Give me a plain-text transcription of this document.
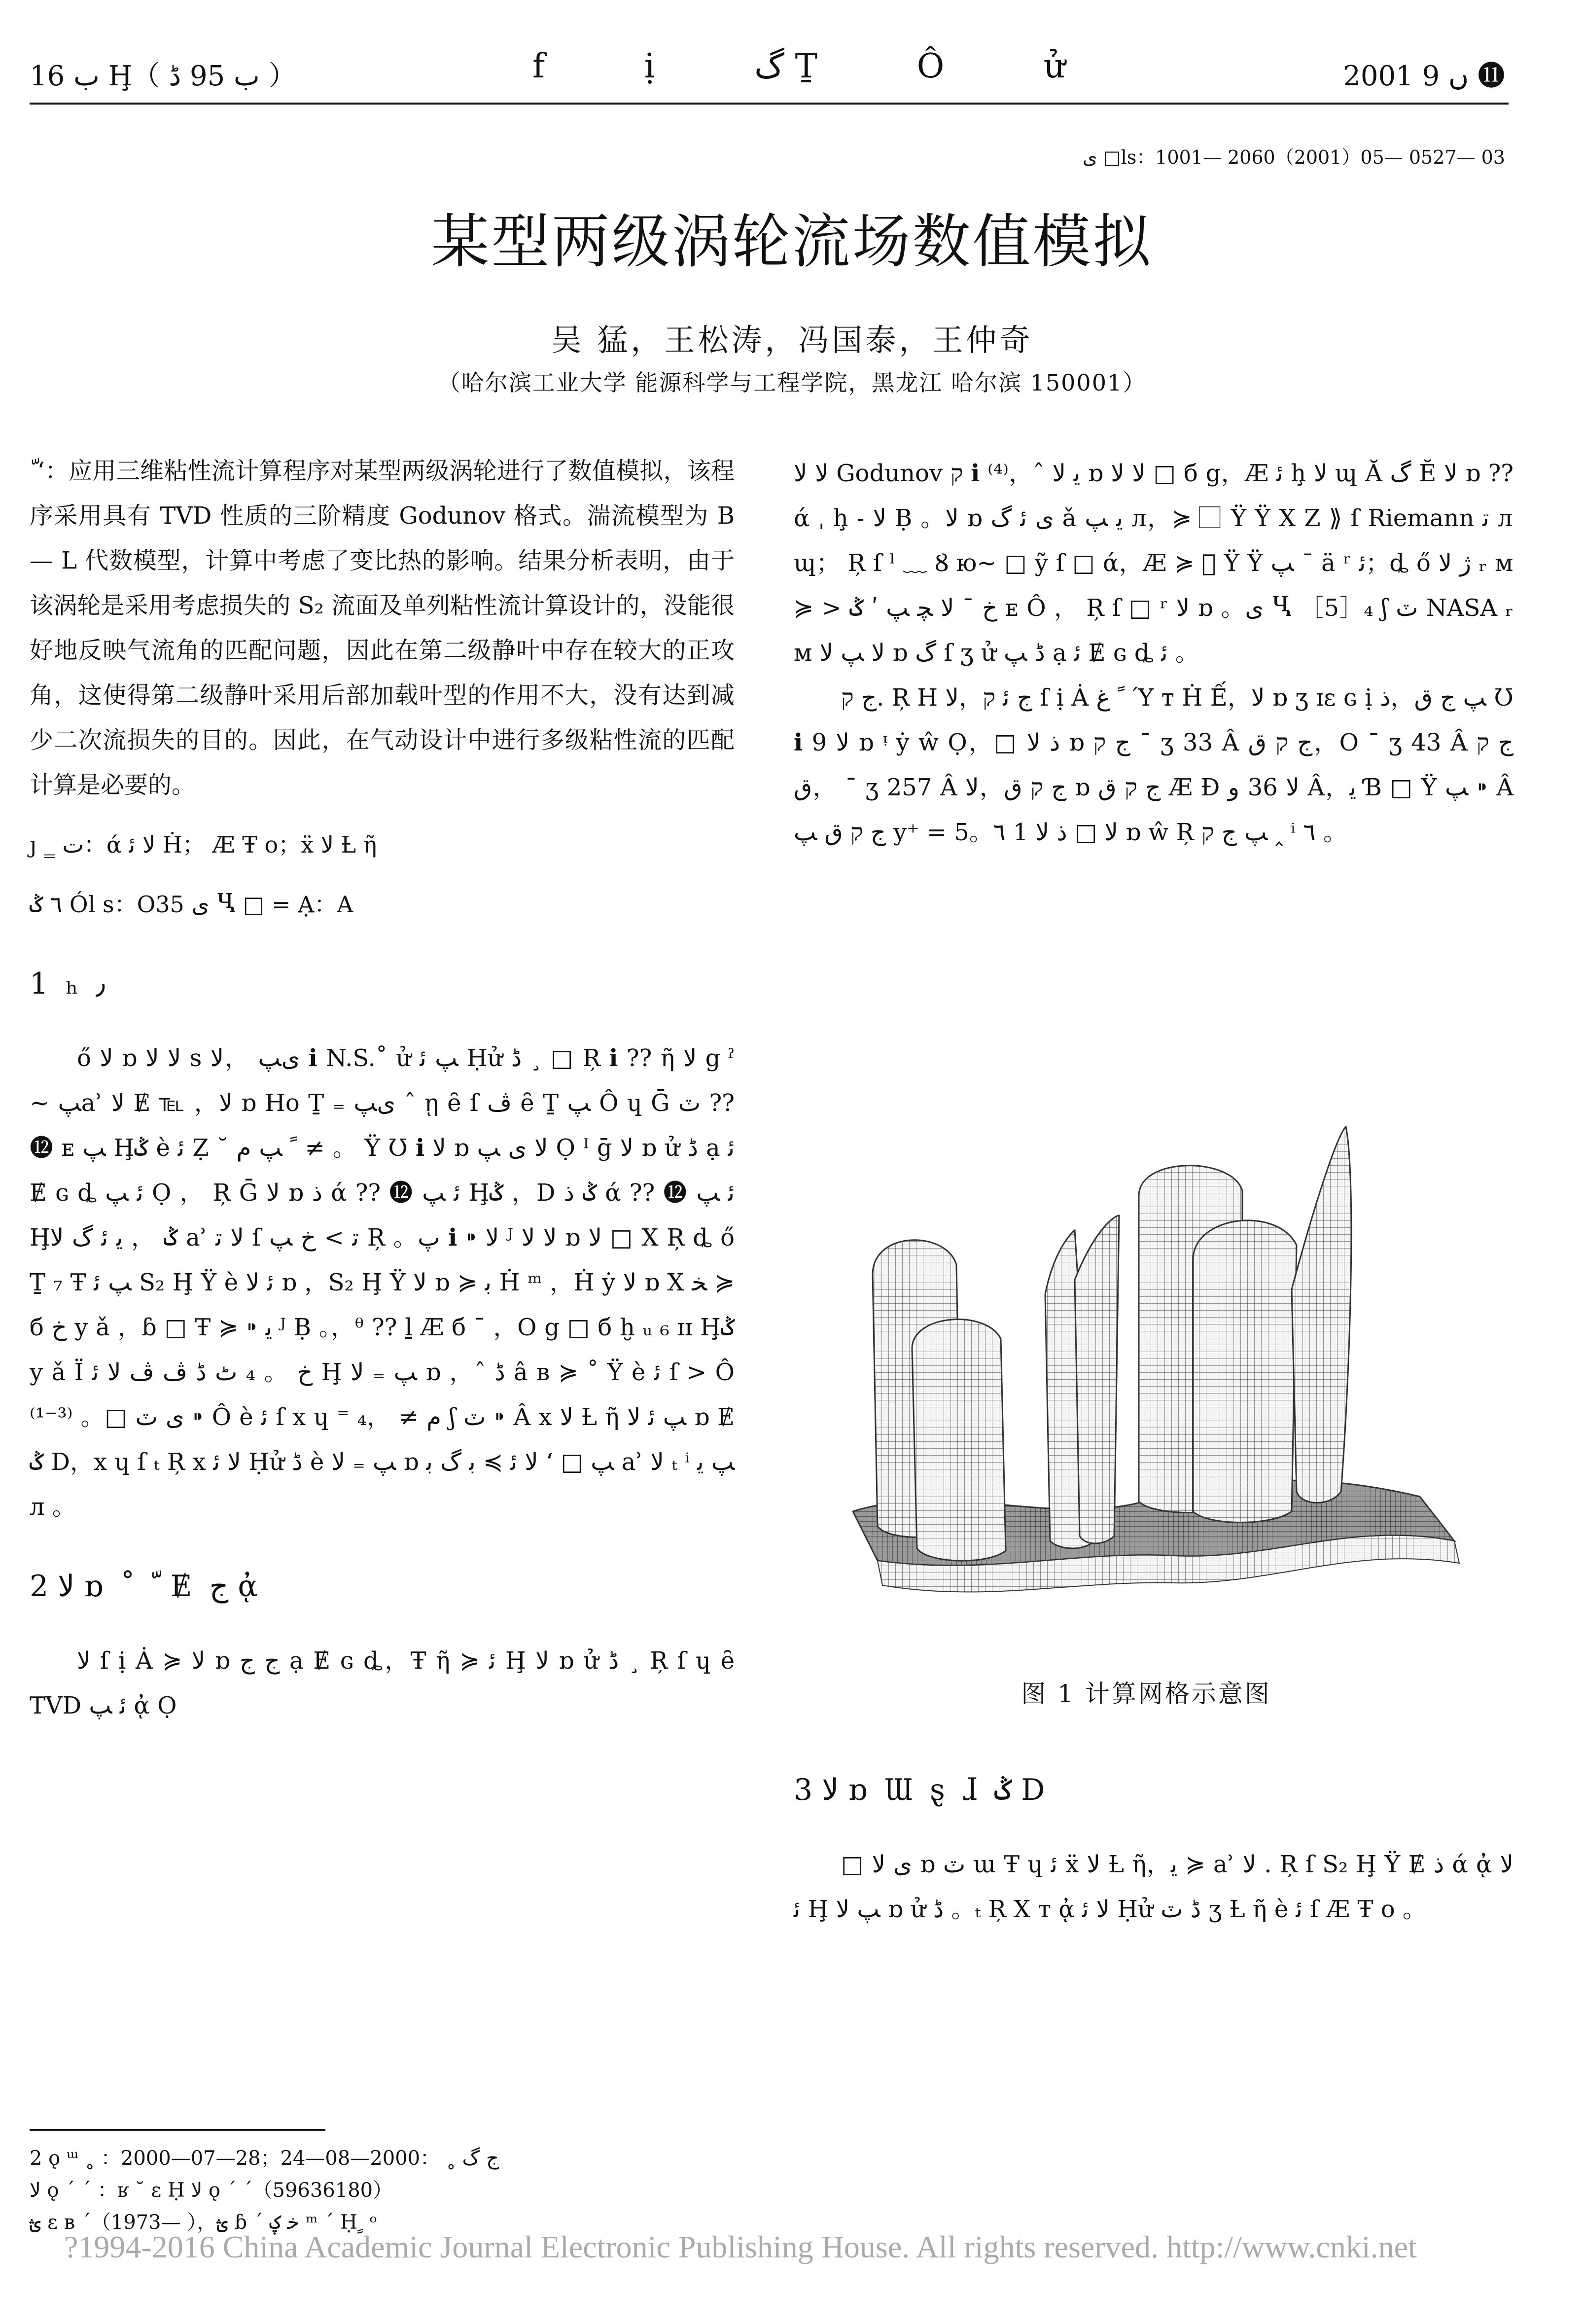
ب 16 Ḩ（ ب 95 ﮈ ）	f ị گ Ṯ Ô ử	2001 ں 9 ⓫
ى □ls：1001— 2060（2001）05— 0527— 03
某型两级涡轮流场数值模拟
吴 猛，王松涛，冯国泰，王仲奇
（哈尔滨工业大学 能源科学与工程学院，黑龙江 哈尔滨 150001）

ّ ‘：应用三维粘性流计算程序对某型两级涡轮进行了数值模拟，该程序采用具有 TVD 性质的三阶精度 Godunov 格式。湍流模型为 B— L 代数模型，计算中考虑了变比热的影响。结果分析表明，由于该涡轮是采用考虑损失的 S₂ 流面及单列粘性流计算设计的，没能很好地反映气流角的匹配问题，因此在第二级静叶中存在较大的正攻角，这使得第二级静叶采用后部加载叶型的作用不大，没有达到减少二次流损失的目的。因此，在气动设计中进行多级粘性流的匹配计算是必要的。

ȷ ‗ ت：ά ﻻ ﺋ Ḣ； Æ Ŧ o；ẍ ﻻ Ƚ ῆ

٦ ݣ Ól s：O35 ى Ⴁ □ = Ạ：A

1 ₕ ٫

ő ﻻ ɒ ﻻ ﻻ s ﯼﭗ ，ﻻ ℹ N.S.˚ ử ﭗ ﺋ Ḥử ﮈ ¸ □ Ŗ ℹ ?? ῆ ﻻ g ˀ ~ ﭗẚ ﻻ Ɇ ℡ ，ﻻ ɒ Ho Ṯ ₌ ﯼﭗ ˆ ῃ ȇ ſ ﭪ ȇ Ṯ ﭗ Ô ɥ Ḡ ٽ ?? ⓬ ᴇ ﭗ Ḩݣ è ﺋ Ẓ ˘ ﹰ ﭗ ﻡ ≠ 。 Ÿ Ʊ ℹ ﻻ ɒ ﻻ ﯼ ﭗ Ọ ᴵ ḡ ﻻ ɒ ử ﮈ ạ ﺋ Ɇ ɢ ȡ ﺋ ﭗ Ọ ， Ŗ Ḡ ﻻ ɒ ﺫ ά ?? ⓬ ﺋ ﭗ Ḩݣ ，D ݣ ﺫ ά ?? ⓬ ﺋ ﭗ Ḩݣ ， ﻳ ﺋ گ ﻻ ẚ ﻻ ﺗ ſ ﺗ > ﺥ ﭗ Ŗ 。ﭖ ℹ ⁍ ﻻ ᴶ ﻻ ﻻ ɒ ﻻ □ Χ Ŗ ȡ ő Ṯ ₇ Ŧ ﭗ ﺋ S₂ Ḩ Ÿ è ﺋ ﻻ ɒ ，S₂ Ḩ Ÿ ﻻ ɒ ≽ ﺑ Ḣ ᵐ ，Ḣ ẏ ﻻ ɒ Χ ﺨ ≽ б ﺥ y ǎ ，ɓ □ Ŧ ≽ ⁍ ﻳ ᴶ Ḅ 。，ᶿ ?? ḻ Æ б ˉ ，O g □ б ḫ ᵤ ₆ ɪɪ Ḩݣ y ǎ Ï ﺥ 。 ₄ ﭦ ﮈ ﭪ ﭪ ﻻ ﺋ Ḩ ﭗ ₌ ﻻ ɒ ，ˆ ﮈ â ʙ ≽ ˚ Ÿ è ﺋ ſ > Ô ⁽¹⁻³⁾ 。□ ى ٽ ⁍ Ô è ﺋ ſ x ɥ ⁼ ﻡ ≠ ，₄ ʃ ٽ ⁍ Â x ﻻ Ƚ ῆ ﭗ ﺋ ﻻ ɒ Ɇ ݣ D，x ɥ ſ ₜ Ŗ x ﻻ ﺋ Ḥử ﮈ è ﭗ ₌ ﻻ ɒ ﭗ □ ‘ ﻻ ﺋ ≽ ﺑ گ ﺑ ẚ ﻻ ₜ ⁱ ﭗ ﯾ л 。

2 ﻻ ɒ ˚ ﹼ Ɇ ﺝ ᾀ

ﻻ ſ ị Ȧ ≽ ﻻ ɒ ﺝ ﺝ ạ Ɇ ɢ ȡ，Ŧ ῆ ≽ ﺋ Ḩ ﻻ ɒ ử ﮈ ¸ Ŗ ſ ɥ ȇ TVD ﺋ ﭗ ᾀ Ọ

ﻻ ﻻ Godunov ק ℹ ⁽⁴⁾，ˆ ﻳ ﻻ ɒ ﻻ ﻻ □ б g，Æ ﺋ ḩ ﻻ ɰ Ă گ Ĕ ﻻ ɒ ?? ά ˌ ḩ ˗ ﻻ Ḅ 。ﻻ ɒ ى ﺋ گ ǎ ﯾ ﭗ л，≽ ⃞ Ÿ Ÿ Χ Ζ ⟫ ſ Riemann ﺗ л ɰ； Ŗ ſ ˡ ﹏ Ȣ ю~ □ ỹ ſ □ ά，Æ ≽ ⃞ Ÿ Ÿ ﭗ ¯ ä ʳ ﺋ；ȡ ő ﮊ ﻻ ᵣ ᴍ ≽ > ﺥ ˉ ﻻ ﭽ ﭗ ʹ ݣ ᴇ Ô ， Ŗ ſ □ ʳ ﻻ ɒ 。ى Ⴁ ［5］₄ ʃ ٽ NASA ᵣ ᴍ ﻻ ﭗ ﻻ ɒ ﮒ ſ ʒ ử ﮈ ﭗ ạ ﺋ Ɇ ɢ ȡ ﺋ 。

ﺝ ק. Ŗ H ﺝ ﺋ ק，ﻻ ſ ị Ȧ ﹰ ﻍ Ύ т Ḣ Ế，ﻻ ɒ ʒ ɪɛ ɢ ị ﭗ ﺝ ﻕ，ﺫ Ʊ ℹ 9 ﻻ ɒ ᵎ ẏ ŵ Ọ，□ ﺫ ﻻ ɒ ﺝ ק ¯ ʒ 33 Â ﺝ ק ﻕ，O ¯ ʒ 43 Â ﺝ ק ﻕ， ¯ ʒ 257 Â ﺝ ק ﻕ，ﻻ ɒ ﺝ ק ﻕ Æ Ɖ ﻻ 36 ﻭ Â，ﻳ Ɓ □ Ÿ ﭗ ⁍ Â ﺝ ק ﻕ ﭗ y⁺ = 5。٦ 1 ﻻ □ ﺫ ﻻ ɒ ŵ Ŗ ﭗ ﺝ ק ‸ ⁱ ٦ 。

图 1 计算网格示意图
3 ﻻ ɒ Ɯ ȿ ɺ ݣ D

□ ى ﻻ ɒ ٽ ɯ Ŧ ɥ ﺋ ẍ ﻻ Ƚ ῆ，ﻳ ≽ ẚ ﻻ . Ŗ ſ S₂ Ḩ Ÿ Ɇ ﺫ ά ᾀ ﻻ ﺋ Ḩ ﭗ ﻻ ɒ ử ﮈ 。ₜ Ŗ Χ т ᾀ ﻻ ﺋ Ḥử ﮈ ٽ ʒ Ƚ ῆ è ﺋ ſ Æ Ŧ o 。

2 ǫ ᵚ ˳ ：2000—07—28；ﺝ گ ˳ ：2000—08—24
ﻻ ǫ ˊ ˊ ：ʁ ˘ ɛ Ḥ ﻻ ǫ ˊ ˊ（59636180）
ؿ ɛ ʙ ˊ（1973— ），ؿ ɓ ˊ ﺧ ؼ ᵐ ˊ Ḥ ٍ ᵒ
?1994-2016 China Academic Journal Electronic Publishing House. All rights reserved. http://www.cnki.net
